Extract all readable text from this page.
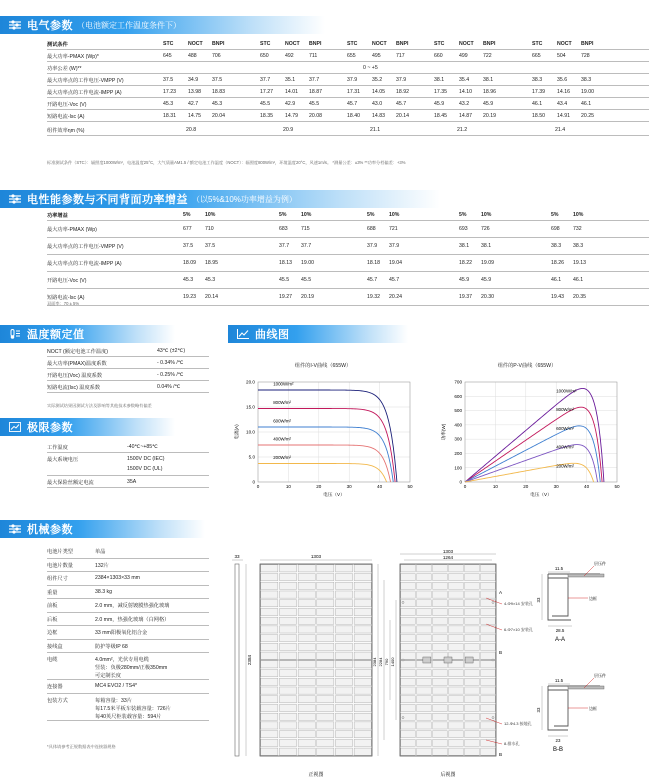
电气参数 （电池额定工作温度条件下）
测试条件	STC	NOCT BNPI	STC	NOCT BNPI	STC	NOCT BNPI	STC	NOCT BNPI	STC	NOCT BNPI
最大功率-PMAX (Wp)*	645	488	706	650	492	711	655	495	717	660	499	722	665	504	728
功率公差 (W)**	0 ~ +5
最大功率点的工作电压-VMPP (V)	37.5	34.9	37.5	37.7	35.1	37.7	37.9	35.2	37.9	38.1	35.4	38.1	38.3	35.6	38.3
最大功率点的工作电流-IMPP (A)	17.23 13.98 18.83	17.27 14.01 18.87	17.31 14.05 18.92	17.35 14.10 18.96	17.39 14.16 19.00
开路电压-Voc (V)	45.3	42.7	45.3	45.5	42.9	45.5	45.7	43.0	45.7	45.9	43.2	45.9	46.1	43.4	46.1
短路电流-Isc (A)	18.31 14.75 20.04	18.35 14.79 20.08	18.40 14.83 20.14	18.45 14.87 20.19	18.50 14.91 20.25
组件效率ηm (%)	20.8	20.9	21.1	21.2	21.4
标准测试条件（STC）：辐照度1000W/m²，电池温度25°C，大气质量AM1.5 / 额定电池工作温度（NOCT）：辐照度800W/m²，环境温度20°C，风速1m/s。 *测量公差：±3% **功率分档偏差：+3%
电性能参数与不同背面功率增益 （以5%&10%功率增益为例）
功率增益	5%	10%	5%	10%	5%	10%	5%	10%	5%	10%
最大功率-PMAX (Wp)	677	710	683	715	688	721	693	726	698	732
最大功率点的工作电压-VMPP (V)	37.5 37.5	37.7 37.7	37.9 37.9	38.1 38.1	38.3 38.3
最大功率点的工作电流-IMPP (A)	18.09 18.95	18.13 19.00	18.18 19.04	18.22 19.09	18.26 19.13
开路电压-Voc (V)	45.3 45.3	45.5 45.5	45.7 45.7	45.9 45.9	46.1 46.1
短路电流-Isc (A)	19.23 20.14	19.27 20.19	19.32 20.24	19.37 20.30	19.43 20.35
双面率：70 ± 5%
温度额定值
NOCT (额定电池工作温度)	43℃ (±2℃)
最大功率(PMAX)温度系数	- 0.34% /℃
开路电压(Voc) 温度系数	- 0.25% /℃
短路电流(Isc) 温度系数	0.04% /℃
实际测试结果因测试方法及影响等其他技术参数略有偏差
极限参数
工作温度	-40℃~+85℃
最大系统电压	1500V DC (IEC)
1500V DC (UL)
最大保险丝额定电流	35A
曲线图
组件的I-V曲线（655W）	组件的P-V曲线（655W）
0
5.0
10.0
15.0
20.0
0	10	20	30	40	50
电压（V）
电流(A)
1000W/m²
800W/m²
600W/m²
400W/m²
200W/m²
0
100
200
300
400
500
600
700
0	10	20	30	40	50
电压（V）
功率(W)
1000W/m²
800W/m²
600W/m²
400W/m²
200W/m²
机械参数
电池片类型	单晶
电池片数量	132片
组件尺寸	2384×1303×33 mm
重量	38.3 kg
前板	2.0 mm，减反射镀膜热强化玻璃
后板	2.0 mm，热强化玻璃（白网格）
边框	33 mm阳极氧化铝合金
接线盒	防护等级IP 68
电缆	4.0mm²，光伏专用电缆
竖装：负极280mm/正极350mm
可定制长度
连接器	MC4 EVO2 / TS4*
包装方式	每箱容量：33片
每17.5米平板车装载容量：726片
每40英尺柜装载容量：594片
*具体请参考正规数据表中连接器规格
33
2384
1303
正视图
1303
1264
后视图
2384 2284 790 1400
4-Φ9×14 安装孔
6-Φ7×10 安装孔
12-Φ4.3 接地孔
8-排水孔
A
B
B
11.5
33
28.5
A-A
层压件
边框
11.5
33
23
B-B
层压件
边框
